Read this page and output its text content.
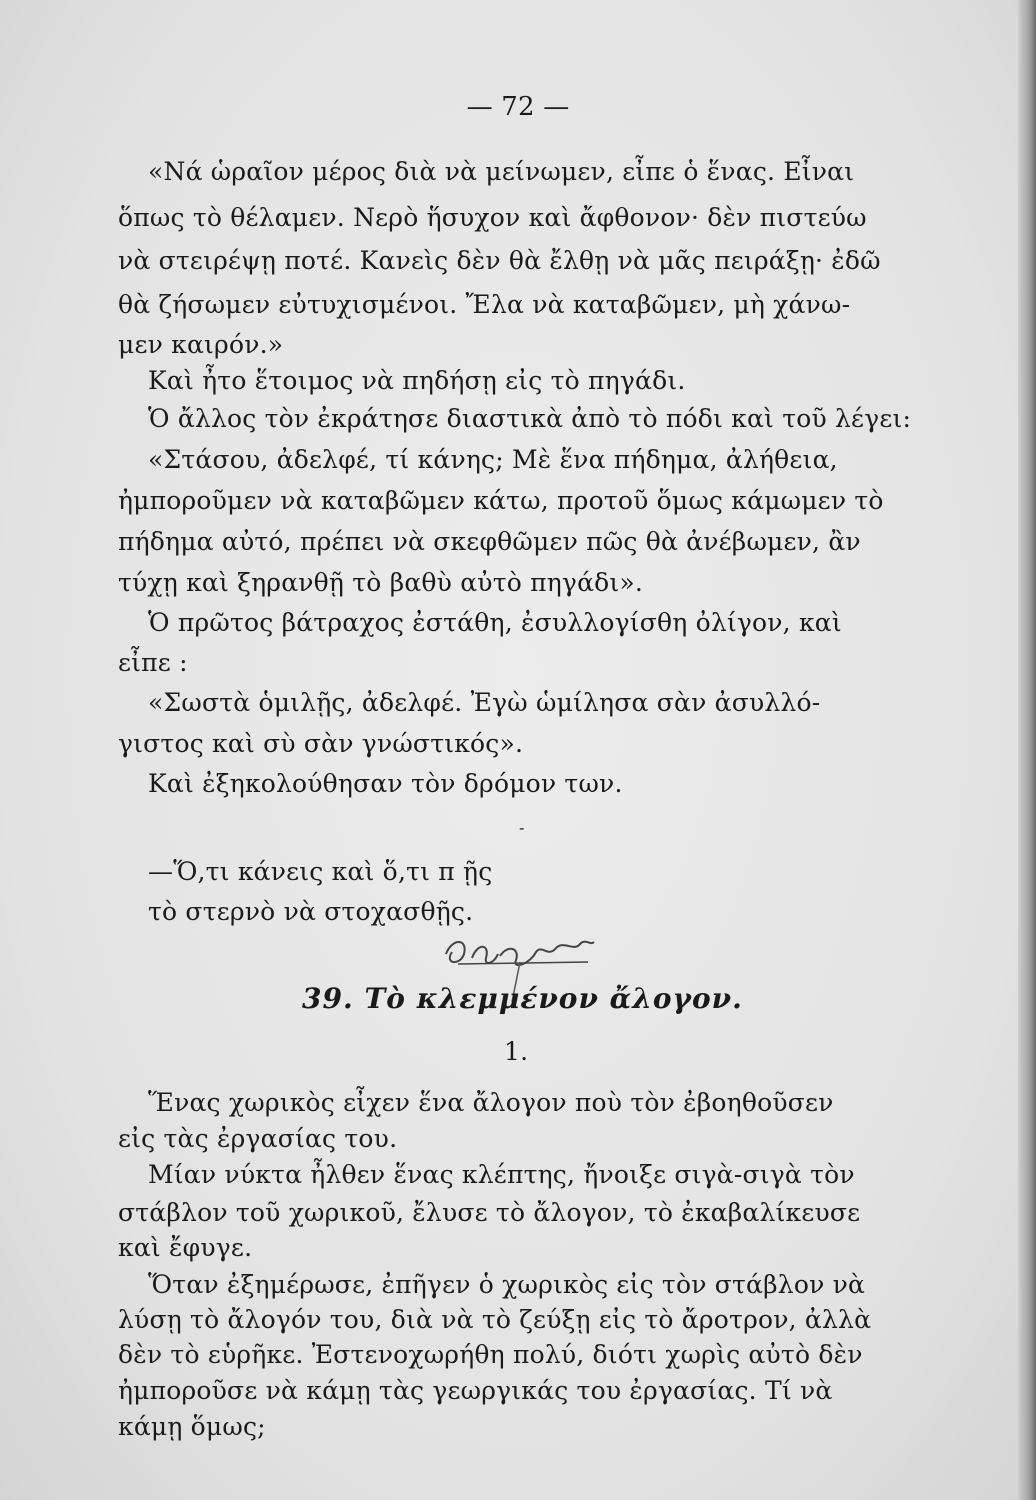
— 72 —
«Νά ὡραῖον μέρος διὰ νὰ μείνωμεν, εἶπε ὁ ἕνας. Εἶναι
ὅπως τὸ θέλαμεν. Νερὸ ἥσυχον καὶ ἄφθονον· δὲν πιστεύω
νὰ στειρέψῃ ποτέ. Κανεὶς δὲν θὰ ἔλθῃ νὰ μᾶς πειράξῃ· ἐδῶ
θὰ ζήσωμεν εὐτυχισμένοι. Ἔλα νὰ καταβῶμεν, μὴ χάνω-
μεν καιρόν.»
Καὶ ἦτο ἕτοιμος νὰ πηδήσῃ εἰς τὸ πηγάδι.
Ὁ ἄλλος τὸν ἐκράτησε διαστικὰ ἀπὸ τὸ πόδι καὶ τοῦ λέγει:
«Στάσου, ἀδελφέ, τί κάνης; Μὲ ἕνα πήδημα, ἀλήθεια,
ἠμποροῦμεν νὰ καταβῶμεν κάτω, προτοῦ ὅμως κάμωμεν τὸ
πήδημα αὐτό, πρέπει νὰ σκεφθῶμεν πῶς θὰ ἀνέβωμεν, ἂν
τύχῃ καὶ ξηρανθῇ τὸ βαθὺ αὐτὸ πηγάδι».
Ὁ πρῶτος βάτραχος ἐστάθη, ἐσυλλογίσθη ὀλίγον, καὶ
εἶπε :
«Σωστὰ ὁμιλῇς, ἀδελφέ. Ἐγὼ ὡμίλησα σὰν ἀσυλλό-
γιστος καὶ σὺ σὰν γνώστικός».
Καὶ ἐξηκολούθησαν τὸν δρόμον των.
-
—Ὅ,τι κάνεις καὶ ὅ,τι π ῇς
τὸ στερνὸ νὰ στοχασθῇς.
39. Τὸ κλεμμένον ἄλογον.
1.
Ἕνας χωρικὸς εἶχεν ἕνα ἄλογον ποὺ τὸν ἐβοηθοῦσεν
εἰς τὰς ἐργασίας του.
Μίαν νύκτα ἦλθεν ἕνας κλέπτης, ἤνοιξε σιγὰ-σιγὰ τὸν
στάβλον τοῦ χωρικοῦ, ἔλυσε τὸ ἄλογον, τὸ ἐκαβαλίκευσε
καὶ ἔφυγε.
Ὅταν ἐξημέρωσε, ἐπῆγεν ὁ χωρικὸς εἰς τὸν στάβλον νὰ
λύσῃ τὸ ἄλογόν του, διὰ νὰ τὸ ζεύξῃ εἰς τὸ ἄροτρον, ἀλλὰ
δὲν τὸ εὑρῆκε. Ἐστενοχωρήθη πολύ, διότι χωρὶς αὐτὸ δὲν
ἠμποροῦσε νὰ κάμῃ τὰς γεωργικάς του ἐργασίας. Τί νὰ
κάμῃ ὅμως;
